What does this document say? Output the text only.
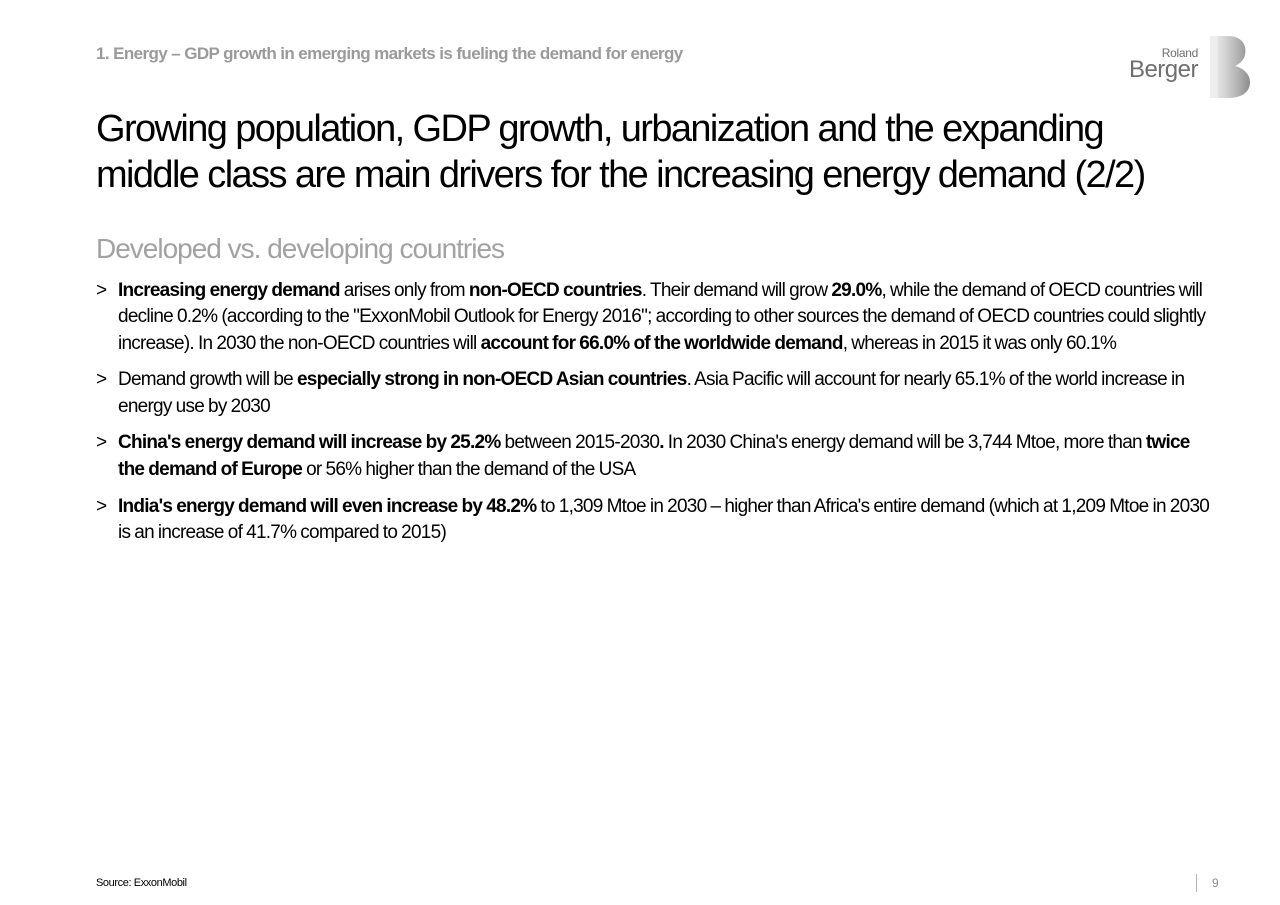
1. Energy – GDP growth in emerging markets is fueling the demand for energy	Roland
Berger
Growing population, GDP growth, urbanization and the expanding
middle class are main drivers for the increasing energy demand (2/2)
Developed vs. developing countries
> Increasing energy demand arises only from non-OECD countries. Their demand will grow 29.0%, while the demand of OECD countries will decline 0.2% (according to the "ExxonMobil Outlook for Energy 2016"; according to other sources the demand of OECD countries could slightly increase). In 2030 the non-OECD countries will account for 66.0% of the worldwide demand, whereas in 2015 it was only 60.1%
> Demand growth will be especially strong in non-OECD Asian countries. Asia Pacific will account for nearly 65.1% of the world increase in energy use by 2030
> China's energy demand will increase by 25.2% between 2015-2030. In 2030 China's energy demand will be 3,744 Mtoe, more than twice the demand of Europe or 56% higher than the demand of the USA
> India's energy demand will even increase by 48.2% to 1,309 Mtoe in 2030 – higher than Africa's entire demand (which at 1,209 Mtoe in 2030 is an increase of 41.7% compared to 2015)
Source: ExxonMobil	9
